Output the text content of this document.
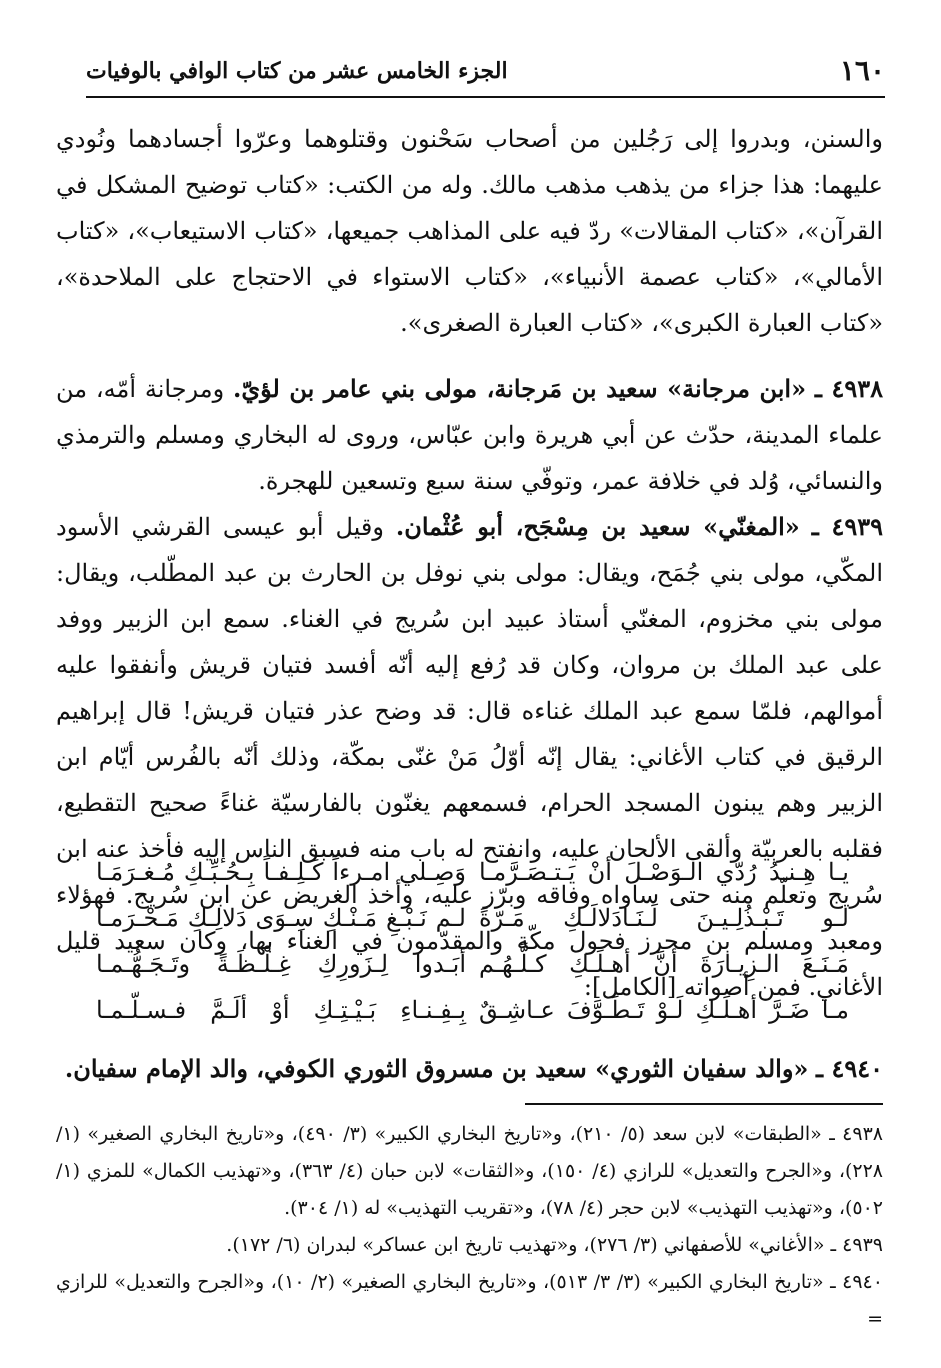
١٦٠
الجزء الخامس عشر من كتاب الوافي بالوفيات

والسنن، وبدروا إلى رَجُلين من أصحاب سَحْنون وقتلوهما وعرّوا أجسادهما ونُودي عليهما: هذا جزاء من يذهب مذهب مالك. وله من الكتب: «كتاب توضيح المشكل في القرآن»، «كتاب المقالات» ردّ فيه على المذاهب جميعها، «كتاب الاستيعاب»، «كتاب الأمالي»، «كتاب عصمة الأنبياء»، «كتاب الاستواء في الاحتجاج على الملاحدة»، «كتاب العبارة الكبرى»، «كتاب العبارة الصغرى».

٤٩٣٨ ـ «ابن مرجانة» سعيد بن مَرجانة، مولى بني عامر بن لؤيّ. ومرجانة أمّه، من علماء المدينة، حدّث عن أبي هريرة وابن عبّاس، وروى له البخاري ومسلم والترمذي والنسائي، وُلد في خلافة عمر، وتوفّي سنة سبع وتسعين للهجرة.

٤٩٣٩ ـ «المغنّي» سعيد بن مِسْجَح، أبو عُثْمان. وقيل أبو عيسى القرشي الأسود المكّي، مولى بني جُمَح، ويقال: مولى بني نوفل بن الحارث بن عبد المطّلب، ويقال: مولى بني مخزوم، المغنّي أستاذ عبيد ابن سُريج في الغناء. سمع ابن الزبير ووفد على عبد الملك بن مروان، وكان قد رُفع إليه أنّه أفسد فتيان قريش وأنفقوا عليه أموالهم، فلمّا سمع عبد الملك غناءه قال: قد وضح عذر فتيان قريش! قال إبراهيم الرقيق في كتاب الأغاني: يقال إنّه أوّلُ مَنْ غنّى بمكّة، وذلك أنّه بالفُرس أيّام ابن الزبير وهم يبنون المسجد الحرام، فسمعهم يغنّون بالفارسيّة غناءً صحيح التقطيع، فقلبه بالعربيّة وألقى الألحان عليه، وانفتح له باب منه فسبق الناس إليه فأخذ عنه ابن سُريج وتعلّم منه حتى ساواه وفاقه وبرّز عليه، وأخذ الغريض عن ابن سُريج. فهؤلاء ومعبد ومسلم بن محرز فحول مكّة والمقدّمون في الغناء بها، وكان سعيد قليل الأغاني. فمن أصواته [الكامل]:

يـا هِـنـدُ رُدّي الـوَصْـلَ أنْ يَـتـصَـرَّمـا
وَصِـلي امـرءاً كَـلِـفـاً بِـحُـبِّـكِ مُـغـرَمَـا
لـو تَـبْـذُلِـيـنَ لَـنَـادَلالَـكِ مَـرّةً
لـم نَـبْـغِ مَـنْـكِ سِـوَى دَلالِـكِ مَـحْـرَمـا
مَـنَـعَ الـزِيـارَةَ أنَّ أهـلَـكِ كـلَّـهُـم
أبَـدوا لِـزَورِكِ غِـلْـظَـةً وتَـجَـهُّـمـا
مـا ضَـرَّ أهـلَـكِ لَـوْ تَـطَـوَّفَ عـاشِـقٌ
بِـفِـنـاءِ بَـيْـتِـكِ أوْ ألَـمَّ فـسـلّـمـا
٤٩٤٠ ـ «والد سفيان الثوري» سعيد بن مسروق الثوري الكوفي، والد الإمام سفيان.

٤٩٣٨ ـ «الطبقات» لابن سعد (٥/ ٢١٠)، و«تاريخ البخاري الكبير» (٣/ ٤٩٠)، و«تاريخ البخاري الصغير» (١/ ٢٢٨)، و«الجرح والتعديل» للرازي (٤/ ١٥٠)، و«الثقات» لابن حبان (٤/ ٣٦٣)، و«تهذيب الكمال» للمزي (١/ ٥٠٢)، و«تهذيب التهذيب» لابن حجر (٤/ ٧٨)، و«تقريب التهذيب» له (١/ ٣٠٤).

٤٩٣٩ ـ «الأغاني» للأصفهاني (٣/ ٢٧٦)، و«تهذيب تاريخ ابن عساكر» لبدران (٦/ ١٧٢).

٤٩٤٠ ـ «تاريخ البخاري الكبير» (٣/ ٣/ ٥١٣)، و«تاريخ البخاري الصغير» (٢/ ١٠)، و«الجرح والتعديل» للرازي =
